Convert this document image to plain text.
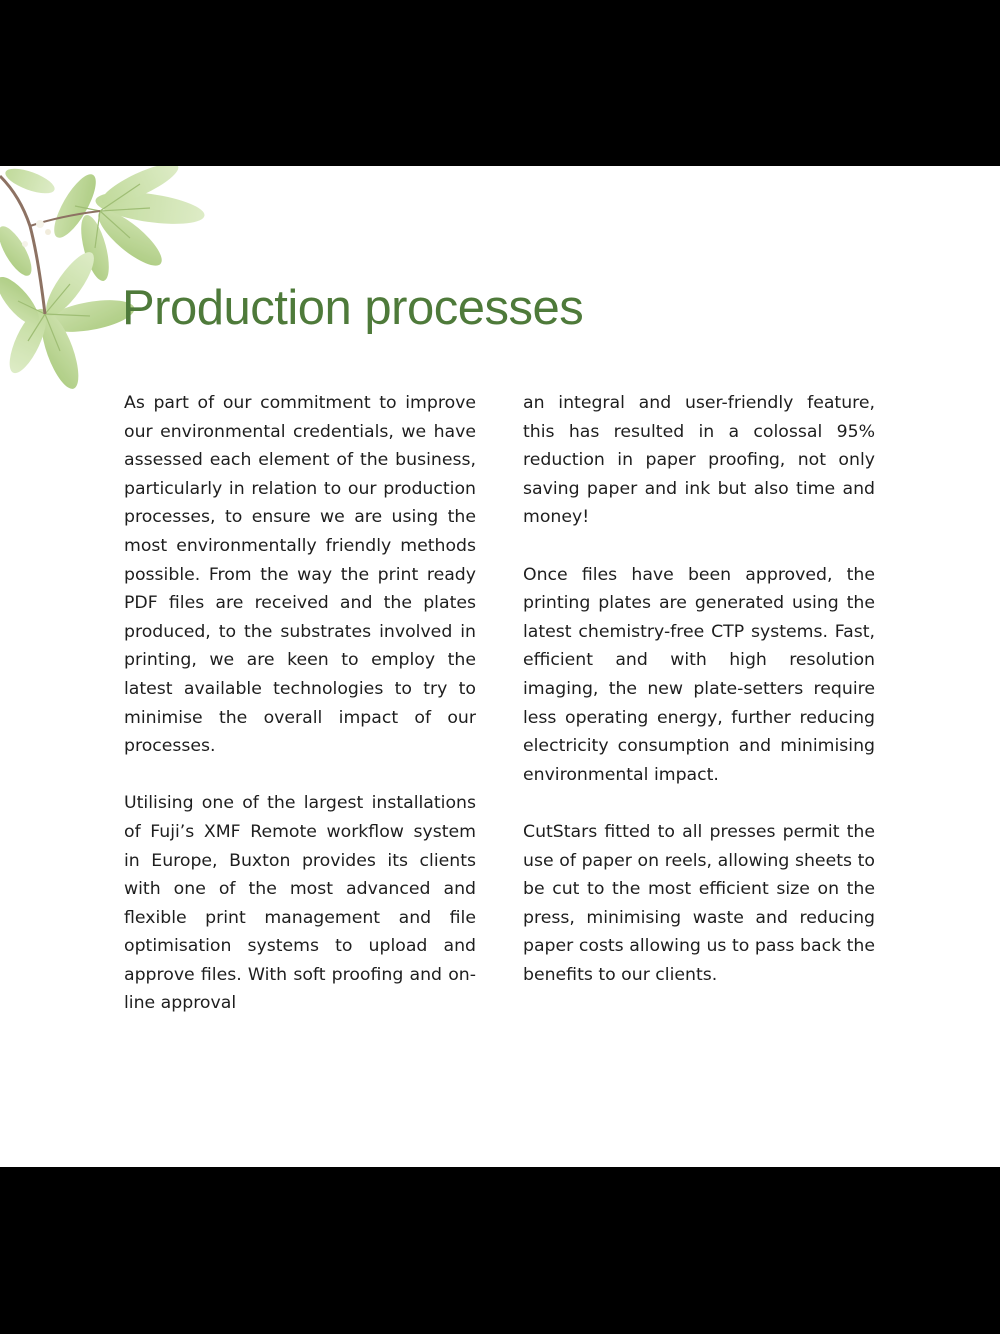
Production processes

As part of our commitment to improve our environmental credentials, we have assessed each element of the business, particularly in relation to our production processes, to ensure we are using the most environmentally friendly methods possible. From the way the print ready PDF files are received and the plates produced, to the substrates involved in printing, we are keen to employ the latest available technologies to try to minimise the overall impact of our processes.

Utilising one of the largest installations of Fuji’s XMF Remote workflow system in Europe, Buxton provides its clients with one of the most advanced and flexible print management and file optimisation systems to upload and approve files. With soft proofing and on-line approval

an integral and user-friendly feature, this has resulted in a colossal 95% reduction in paper proofing, not only saving paper and ink but also time and money!

Once files have been approved, the printing plates are generated using the latest chemistry-free CTP systems. Fast, efficient and with high resolution imaging, the new plate-setters require less operating energy, further reducing electricity consumption and minimising environmental impact.

CutStars fitted to all presses permit the use of paper on reels, allowing sheets to be cut to the most efficient size on the press, minimising waste and reducing paper costs allowing us to pass back the benefits to our clients.
